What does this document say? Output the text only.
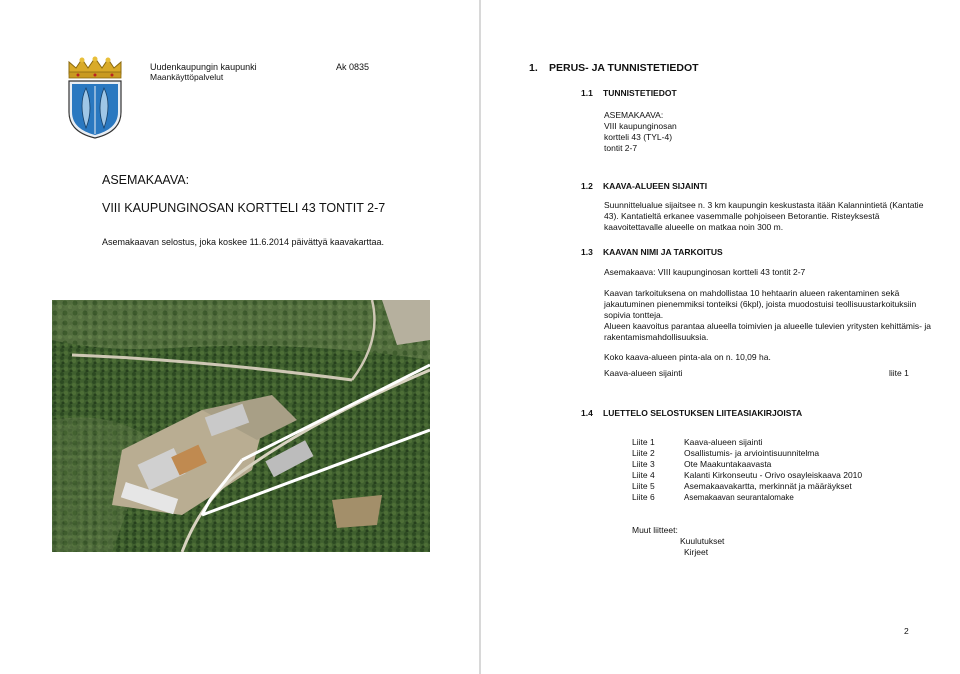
Uudenkaupungin kaupunki
Maankäyttöpalvelut
Ak 0835
ASEMAKAAVA:
VIII KAUPUNGINOSAN KORTTELI 43 TONTIT 2-7
Asemakaavan selostus, joka koskee 11.6.2014 päivättyä kaavakarttaa.
1. PERUS- JA TUNNISTETIEDOT
1.1 TUNNISTETIEDOT
ASEMAKAAVA:
VIII kaupunginosan
kortteli 43 (TYL-4)
tontit 2-7
1.2 KAAVA-ALUEEN SIJAINTI
Suunnittelualue sijaitsee n. 3 km kaupungin keskustasta itään Kalannintietä (Kantatie
43). Kantatieltä erkanee vasemmalle pohjoiseen Betorantie. Risteyksestä
kaavoitettavalle alueelle on matkaa noin 300 m.
1.3 KAAVAN NIMI JA TARKOITUS
Asemakaava: VIII kaupunginosan kortteli 43 tontit 2-7
Kaavan tarkoituksena on mahdollistaa 10 hehtaarin alueen rakentaminen sekä
jakautuminen pienemmiksi tonteiksi (6kpl), joista muodostuisi teollisuustarkoituksiin
sopivia tontteja.
Alueen kaavoitus parantaa alueella toimivien ja alueelle tulevien yritysten kehittämis- ja
rakentamismahdollisuuksia.
Koko kaava-alueen pinta-ala on n. 10,09 ha.
Kaava-alueen sijainti	liite 1
1.4 LUETTELO SELOSTUKSEN LIITEASIAKIRJOISTA
Liite 1	Kaava-alueen sijainti
Liite 2	Osallistumis- ja arviointisuunnitelma
Liite 3	Ote Maakuntakaavasta
Liite 4	Kalanti Kirkonseutu - Orivo osayleiskaava 2010
Liite 5	Asemakaavakartta, merkinnät ja määräykset
Liite 6	Asemakaavan seurantalomake
Muut liitteet:
Kuulutukset
Kirjeet
2
